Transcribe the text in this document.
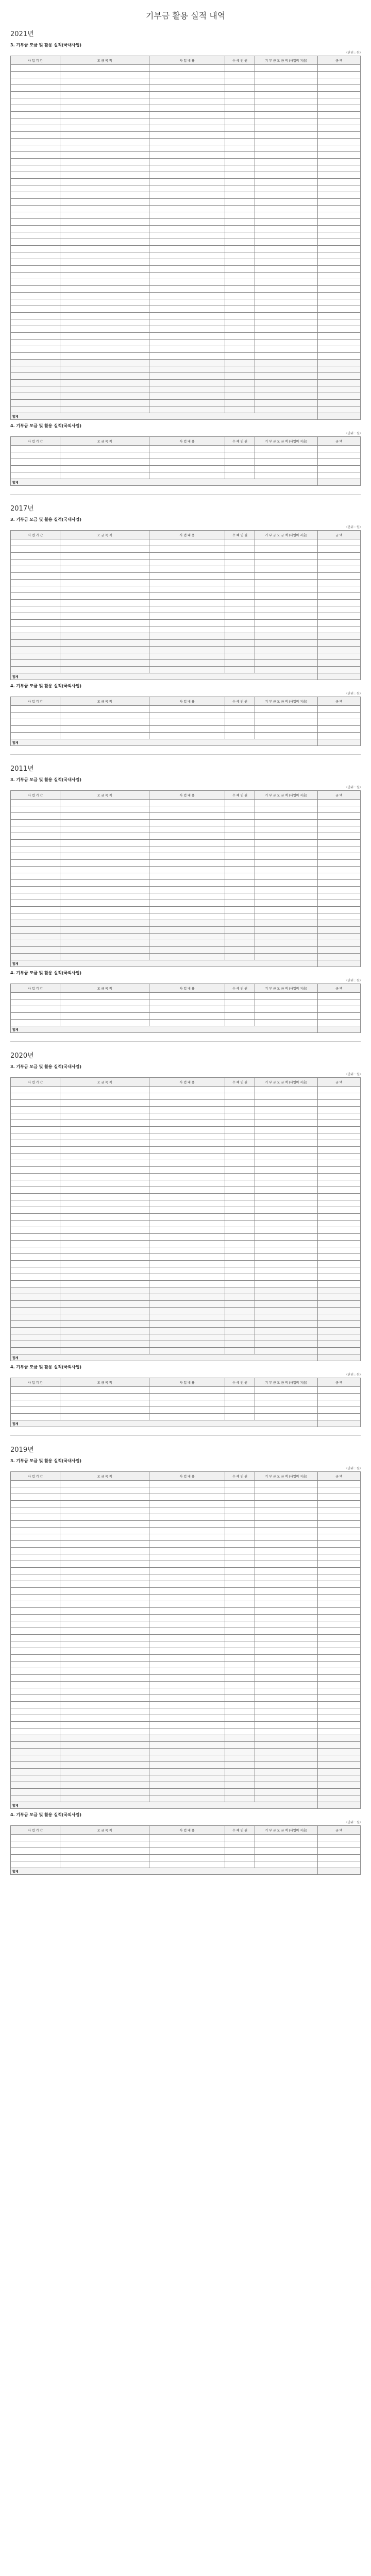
기부금 활용 실적 내역
2021년
3. 기부금 모금 및 활용 실적(국내사업)
(단위 : 원)
사 업 기 간	모 금 목 적	사 업 내 용	수 혜 인 원	기 부 금 모 금 액 (사업비 지출)	금 액

합계					
4. 기부금 모금 및 활용 실적(국외사업)
(단위 : 원)
사 업 기 간	모 금 목 적	사 업 내 용	수 혜 인 원	기 부 금 모 금 액 (사업비 지출)	금 액

합계					
2017년
3. 기부금 모금 및 활용 실적(국내사업)
(단위 : 원)
사 업 기 간	모 금 목 적	사 업 내 용	수 혜 인 원	기 부 금 모 금 액 (사업비 지출)	금 액

합계					
4. 기부금 모금 및 활용 실적(국외사업)
(단위 : 원)
사 업 기 간	모 금 목 적	사 업 내 용	수 혜 인 원	기 부 금 모 금 액 (사업비 지출)	금 액

합계					
2011년
3. 기부금 모금 및 활용 실적(국내사업)
(단위 : 원)
사 업 기 간	모 금 목 적	사 업 내 용	수 혜 인 원	기 부 금 모 금 액 (사업비 지출)	금 액

합계					
4. 기부금 모금 및 활용 실적(국외사업)
(단위 : 원)
사 업 기 간	모 금 목 적	사 업 내 용	수 혜 인 원	기 부 금 모 금 액 (사업비 지출)	금 액

합계					
2020년
3. 기부금 모금 및 활용 실적(국내사업)
(단위 : 원)
사 업 기 간	모 금 목 적	사 업 내 용	수 혜 인 원	기 부 금 모 금 액 (사업비 지출)	금 액

합계					
4. 기부금 모금 및 활용 실적(국외사업)
(단위 : 원)
사 업 기 간	모 금 목 적	사 업 내 용	수 혜 인 원	기 부 금 모 금 액 (사업비 지출)	금 액

합계					
2019년
3. 기부금 모금 및 활용 실적(국내사업)
(단위 : 원)
사 업 기 간	모 금 목 적	사 업 내 용	수 혜 인 원	기 부 금 모 금 액 (사업비 지출)	금 액

합계					
4. 기부금 모금 및 활용 실적(국외사업)
(단위 : 원)
사 업 기 간	모 금 목 적	사 업 내 용	수 혜 인 원	기 부 금 모 금 액 (사업비 지출)	금 액

합계					
